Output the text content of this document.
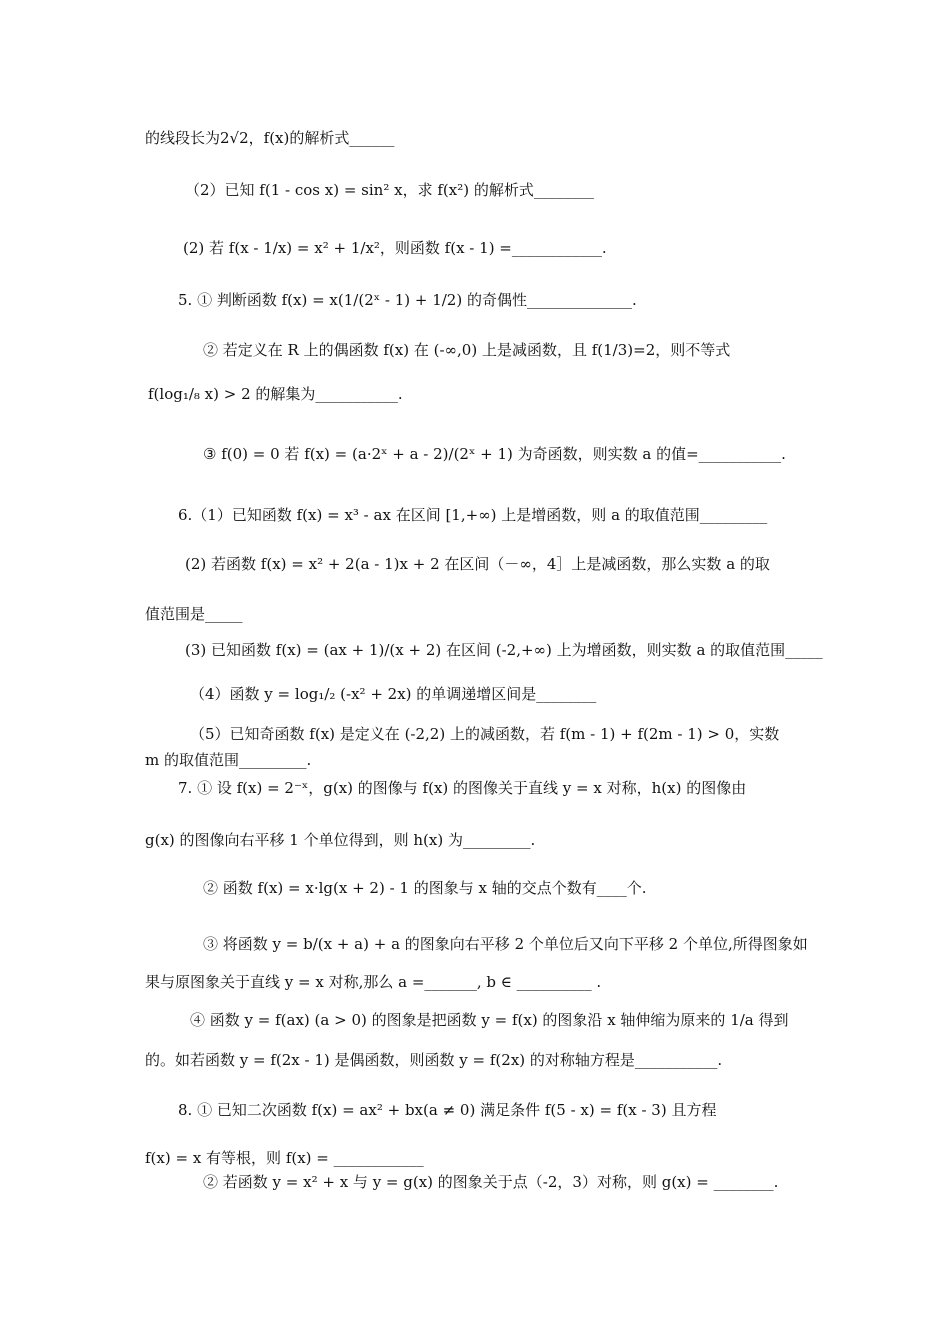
的线段长为2√2，f(x)的解析式______
（2）已知 f(1 - cos x) = sin² x，求 f(x²) 的解析式________
(2) 若 f(x - 1/x) = x² + 1/x²，则函数 f(x - 1) =____________.
5. ① 判断函数 f(x) = x(1/(2ˣ - 1) + 1/2) 的奇偶性______________.
② 若定义在 R 上的偶函数 f(x) 在 (-∞,0) 上是减函数，且 f(1/3)=2，则不等式
f(log₁/₈ x) > 2 的解集为___________.
③ f(0) = 0 若 f(x) = (a·2ˣ + a - 2)/(2ˣ + 1) 为奇函数，则实数 a 的值=___________.
6.（1）已知函数 f(x) = x³ - ax 在区间 [1,+∞) 上是增函数，则 a 的取值范围_________
(2) 若函数 f(x) = x² + 2(a - 1)x + 2 在区间（－∞，4］上是减函数，那么实数 a 的取
值范围是_____
(3) 已知函数 f(x) = (ax + 1)/(x + 2) 在区间 (-2,+∞) 上为增函数，则实数 a 的取值范围_____
（4）函数 y = log₁/₂ (-x² + 2x) 的单调递增区间是________
（5）已知奇函数 f(x) 是定义在 (-2,2) 上的减函数，若 f(m - 1) + f(2m - 1) > 0，实数
m 的取值范围_________.
7. ① 设 f(x) = 2⁻ˣ，g(x) 的图像与 f(x) 的图像关于直线 y = x 对称，h(x) 的图像由
g(x) 的图像向右平移 1 个单位得到，则 h(x) 为_________.
② 函数 f(x) = x·lg(x + 2) - 1 的图象与 x 轴的交点个数有____个.
③ 将函数 y = b/(x + a) + a 的图象向右平移 2 个单位后又向下平移 2 个单位,所得图象如
果与原图象关于直线 y = x 对称,那么 a =_______, b ∈ __________ .
④ 函数 y = f(ax) (a > 0) 的图象是把函数 y = f(x) 的图象沿 x 轴伸缩为原来的 1/a 得到
的。如若函数 y = f(2x - 1) 是偶函数，则函数 y = f(2x) 的对称轴方程是___________.
8. ① 已知二次函数 f(x) = ax² + bx(a ≠ 0) 满足条件 f(5 - x) = f(x - 3) 且方程
f(x) = x 有等根，则 f(x) = ____________
② 若函数 y = x² + x 与 y = g(x) 的图象关于点（-2，3）对称，则 g(x) = ________.
